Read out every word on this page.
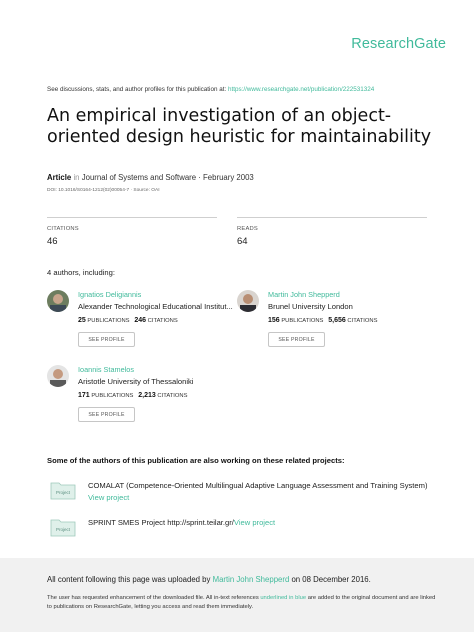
ResearchGate
See discussions, stats, and author profiles for this publication at: https://www.researchgate.net/publication/222531324
An empirical investigation of an object-oriented design heuristic for maintainability
Article in Journal of Systems and Software · February 2003
DOI: 10.1016/S0164-1212(02)00054-7 · Source: OAI
CITATIONS
46
READS
64
4 authors, including:
Ignatios Deligiannis
Alexander Technological Educational Institut...
25 PUBLICATIONS 246 CITATIONS
SEE PROFILE
Martin John Shepperd
Brunel University London
156 PUBLICATIONS 5,656 CITATIONS
SEE PROFILE
Ioannis Stamelos
Aristotle University of Thessaloniki
171 PUBLICATIONS 2,213 CITATIONS
SEE PROFILE
Some of the authors of this publication are also working on these related projects:
Project
COMALAT (Competence-Oriented Multilingual Adaptive Language Assessment and Training System)
View project
Project
SPRINT SMES Project http://sprint.teilar.gr/View project
All content following this page was uploaded by Martin John Shepperd on 08 December 2016.
The user has requested enhancement of the downloaded file. All in-text references underlined in blue are added to the original document and are linked to publications on ResearchGate, letting you access and read them immediately.
